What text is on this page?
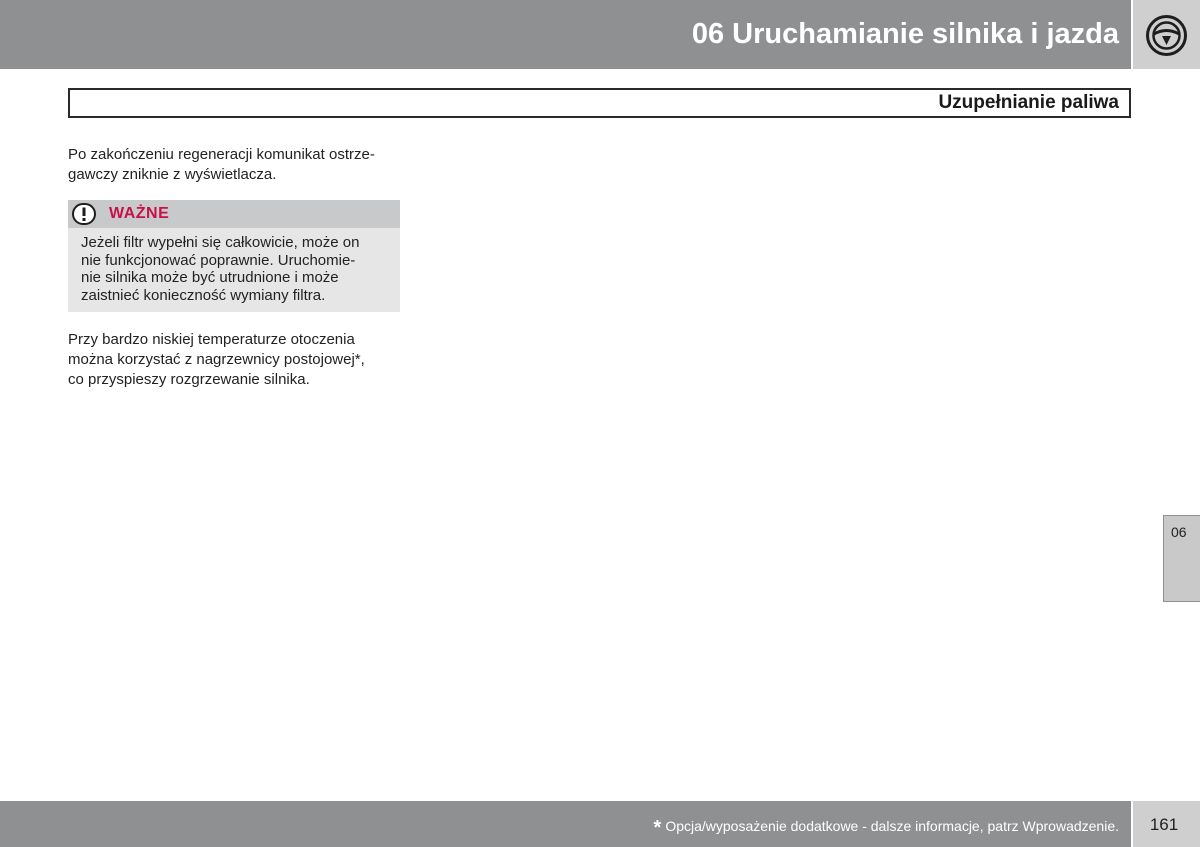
06 Uruchamianie silnika i jazda
Uzupełnianie paliwa
Po zakończeniu regeneracji komunikat ostrze-
gawczy zniknie z wyświetlacza.
WAŻNE
Jeżeli filtr wypełni się całkowicie, może on
nie funkcjonować poprawnie. Uruchomie-
nie silnika może być utrudnione i może
zaistnieć konieczność wymiany filtra.
Przy bardzo niskiej temperaturze otoczenia
można korzystać z nagrzewnicy postojowej*,
co przyspieszy rozgrzewanie silnika.
06
* Opcja/wyposażenie dodatkowe - dalsze informacje, patrz Wprowadzenie.	161
